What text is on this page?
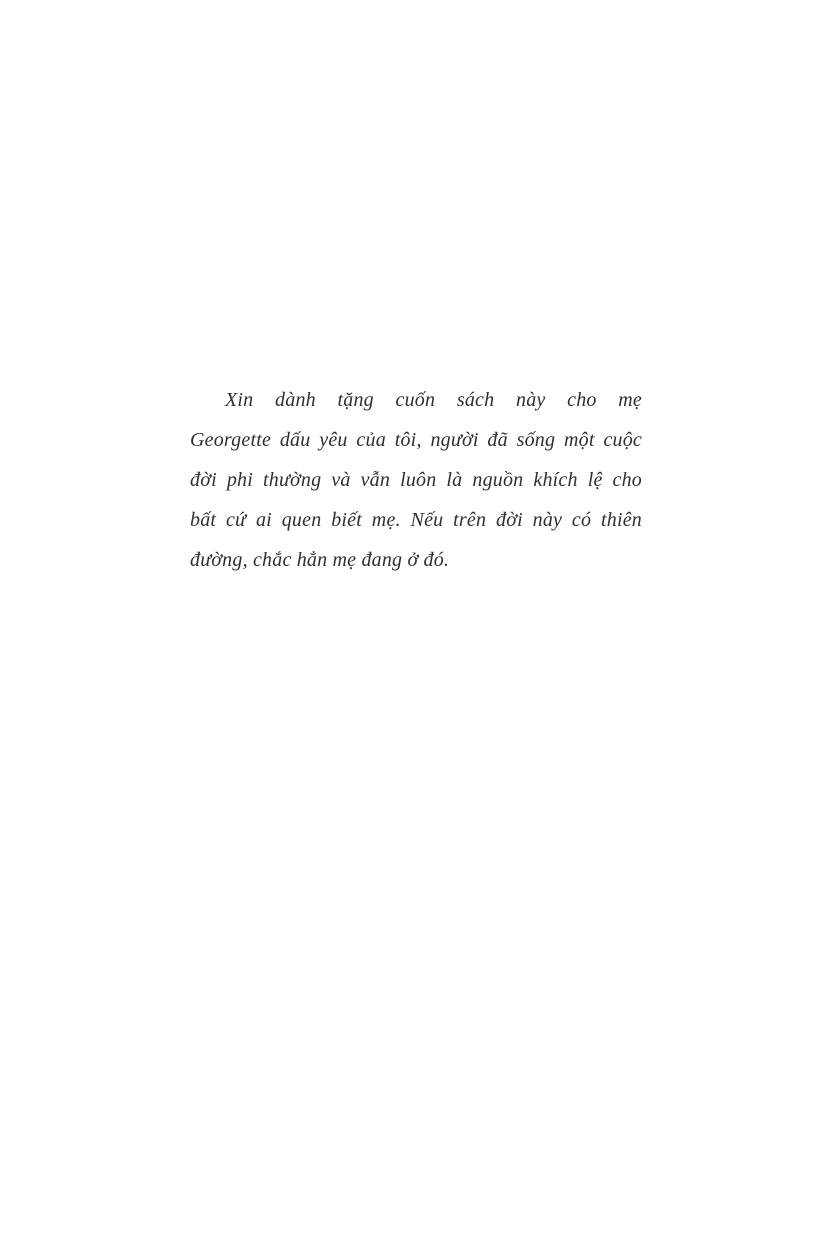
Xin dành tặng cuốn sách này cho mẹ
Georgette dấu yêu của tôi, người đã sống một cuộc
đời phi thường và vẫn luôn là nguồn khích lệ cho
bất cứ ai quen biết mẹ. Nếu trên đời này có thiên
đường, chắc hẳn mẹ đang ở đó.
